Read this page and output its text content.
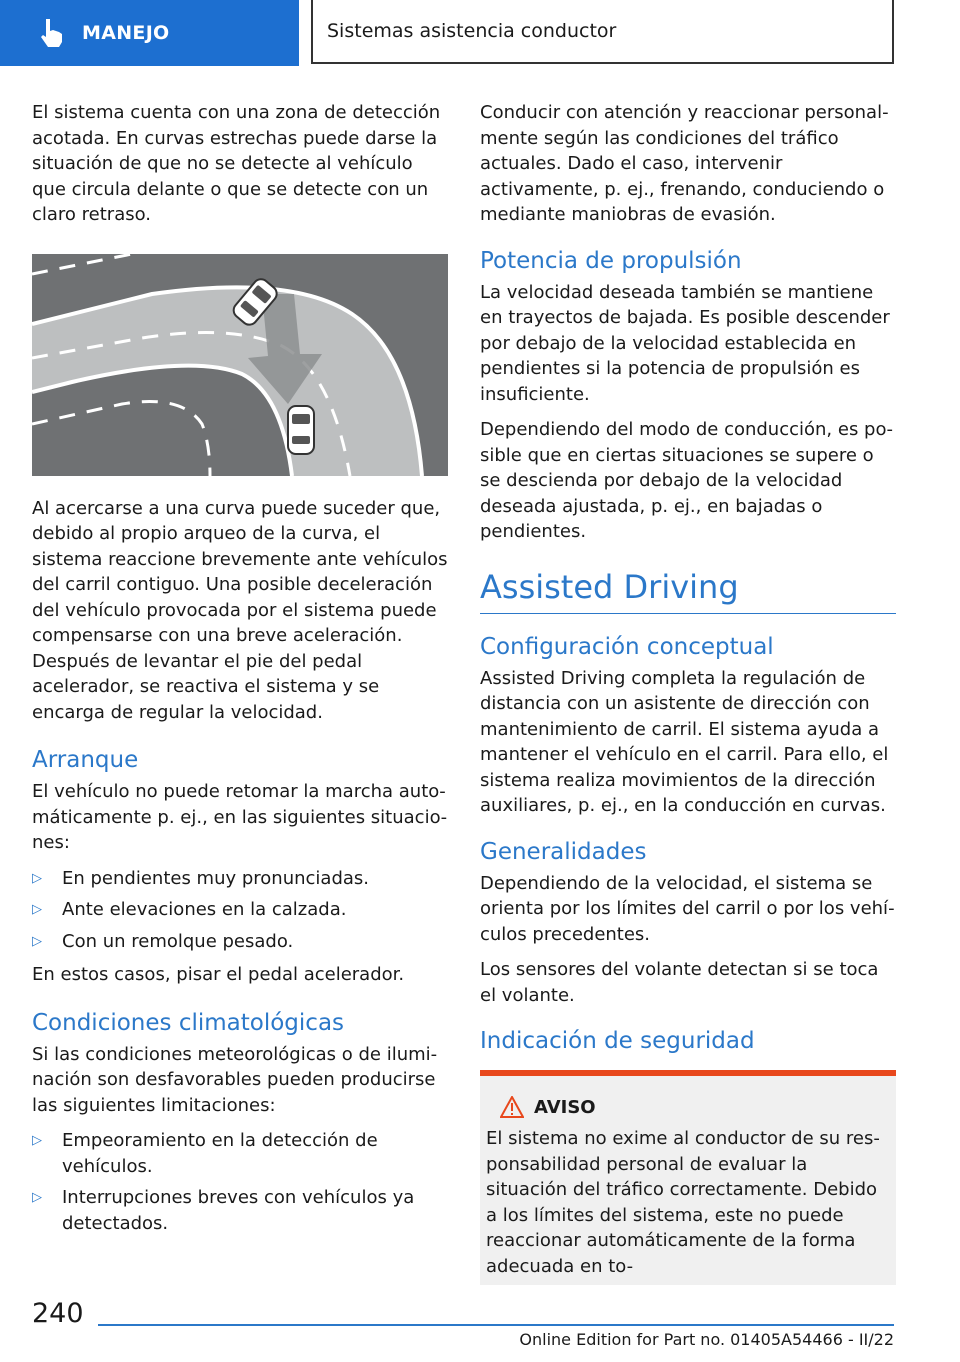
MANEJO	Sistemas asistencia conductor

El sistema cuenta con una zona de detección acotada. En curvas estrechas puede darse la situación de que no se detecte al vehículo que circula delante o que se detecte con un claro retraso.

Al acercarse a una curva puede suceder que, debido al propio arqueo de la curva, el sistema reaccione brevemente ante vehículos del carril contiguo. Una posible deceleración del vehículo provocada por el sistema puede compensarse con una breve aceleración. Después de levantar el pie del pedal acelerador, se reactiva el sistema y se encarga de regular la velocidad.

Arranque

El vehículo no puede retomar la marcha automáticamente p. ej., en las siguientes situaciones:

▷ En pendientes muy pronunciadas.
▷ Ante elevaciones en la calzada.
▷ Con un remolque pesado.

En estos casos, pisar el pedal acelerador.

Condiciones climatológicas

Si las condiciones meteorológicas o de iluminación son desfavorables pueden producirse las siguientes limitaciones:

▷ Empeoramiento en la detección de vehículos.
▷ Interrupciones breves con vehículos ya detectados.

Conducir con atención y reaccionar personalmente según las condiciones del tráfico actuales. Dado el caso, intervenir activamente, p. ej., frenando, conduciendo o mediante maniobras de evasión.

Potencia de propulsión

La velocidad deseada también se mantiene en trayectos de bajada. Es posible descender por debajo de la velocidad establecida en pendientes si la potencia de propulsión es insuficiente.

Dependiendo del modo de conducción, es posible que en ciertas situaciones se supere o se descienda por debajo de la velocidad deseada ajustada, p. ej., en bajadas o pendientes.

Assisted Driving
Configuración conceptual

Assisted Driving completa la regulación de distancia con un asistente de dirección con mantenimiento de carril. El sistema ayuda a mantener el vehículo en el carril. Para ello, el sistema realiza movimientos de la dirección auxiliares, p. ej., en la conducción en curvas.

Generalidades

Dependiendo de la velocidad, el sistema se orienta por los límites del carril o por los vehículos precedentes.

Los sensores del volante detectan si se toca el volante.

Indicación de seguridad
AVISO

El sistema no exime al conductor de su responsabilidad personal de evaluar la situación del tráfico correctamente. Debido a los límites del sistema, este no puede reaccionar automáticamente de la forma adecuada en to-

240
Online Edition for Part no. 01405A54466 - II/22
